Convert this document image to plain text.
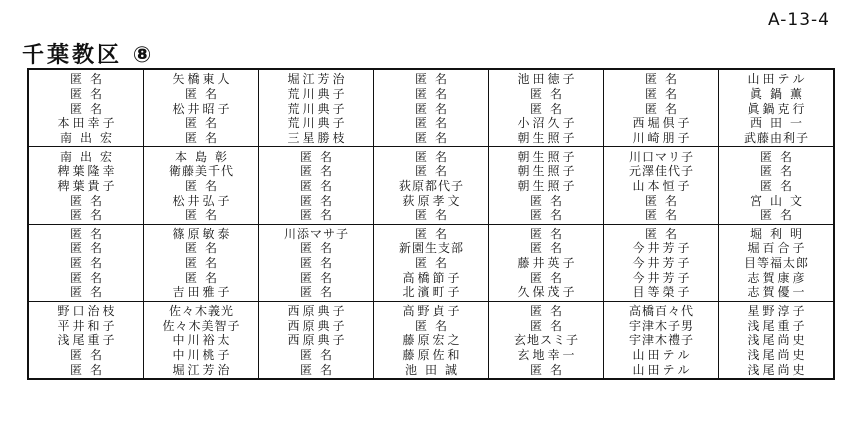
A-13-4
千葉教区 ⑧
匿 名
匿 名
匿 名
本 田 幸 子
南 出 宏
矢 橋 東 人
匿 名
松 井 昭 子
匿 名
匿 名
堀 江 芳 治
荒 川 典 子
荒 川 典 子
荒 川 典 子
三 星 勝 枝
匿 名
匿 名
匿 名
匿 名
匿 名
池 田 徳 子
匿 名
匿 名
小 沼 久 子
朝 生 照 子
匿 名
匿 名
匿 名
西 堀 倶 子
川 崎 朋 子
山 田 テ ル
眞 鍋 薫
眞 鍋 克 行
西 田 一
武 藤 由 利 子
南 出 宏
稗 葉 隆 幸
稗 葉 貴 子
匿 名
匿 名
本 島 彰
衛 藤 美 千 代
匿 名
松 井 弘 子
匿 名
匿 名
匿 名
匿 名
匿 名
匿 名
匿 名
匿 名
荻 原 都 代 子
荻 原 孝 文
匿 名
朝 生 照 子
朝 生 照 子
朝 生 照 子
匿 名
匿 名
川 口 マ リ 子
元 澤 佳 代 子
山 本 恒 子
匿 名
匿 名
匿 名
匿 名
匿 名
宮 山 文
匿 名
匿 名
匿 名
匿 名
匿 名
匿 名
篠 原 敏 泰
匿 名
匿 名
匿 名
吉 田 雅 子
川 添 マ サ 子
匿 名
匿 名
匿 名
匿 名
匿 名
新 園 生 支 部
匿 名
高 橋 節 子
北 濱 町 子
匿 名
匿 名
藤 井 英 子
匿 名
久 保 茂 子
匿 名
今 井 芳 子
今 井 芳 子
今 井 芳 子
目 等 榮 子
堀 利 明
堀 百 合 子
目 等 福 太 郎
志 賀 康 彦
志 賀 優 一
野 口 治 枝
平 井 和 子
浅 尾 重 子
匿 名
匿 名
佐 々 木 義 光
佐 々 木 美 智 子
中 川 裕 太
中 川 桃 子
堀 江 芳 治
西 原 典 子
西 原 典 子
西 原 典 子
匿 名
匿 名
高 野 貞 子
匿 名
藤 原 宏 之
藤 原 佐 和
池 田 誠
匿 名
匿 名
玄 地 ス ミ 子
玄 地 幸 一
匿 名
高 橋 百 々 代
宇 津 木 子 男
宇 津 木 禮 子
山 田 テ ル
山 田 テ ル
星 野 淳 子
浅 尾 重 子
浅 尾 尚 史
浅 尾 尚 史
浅 尾 尚 史
